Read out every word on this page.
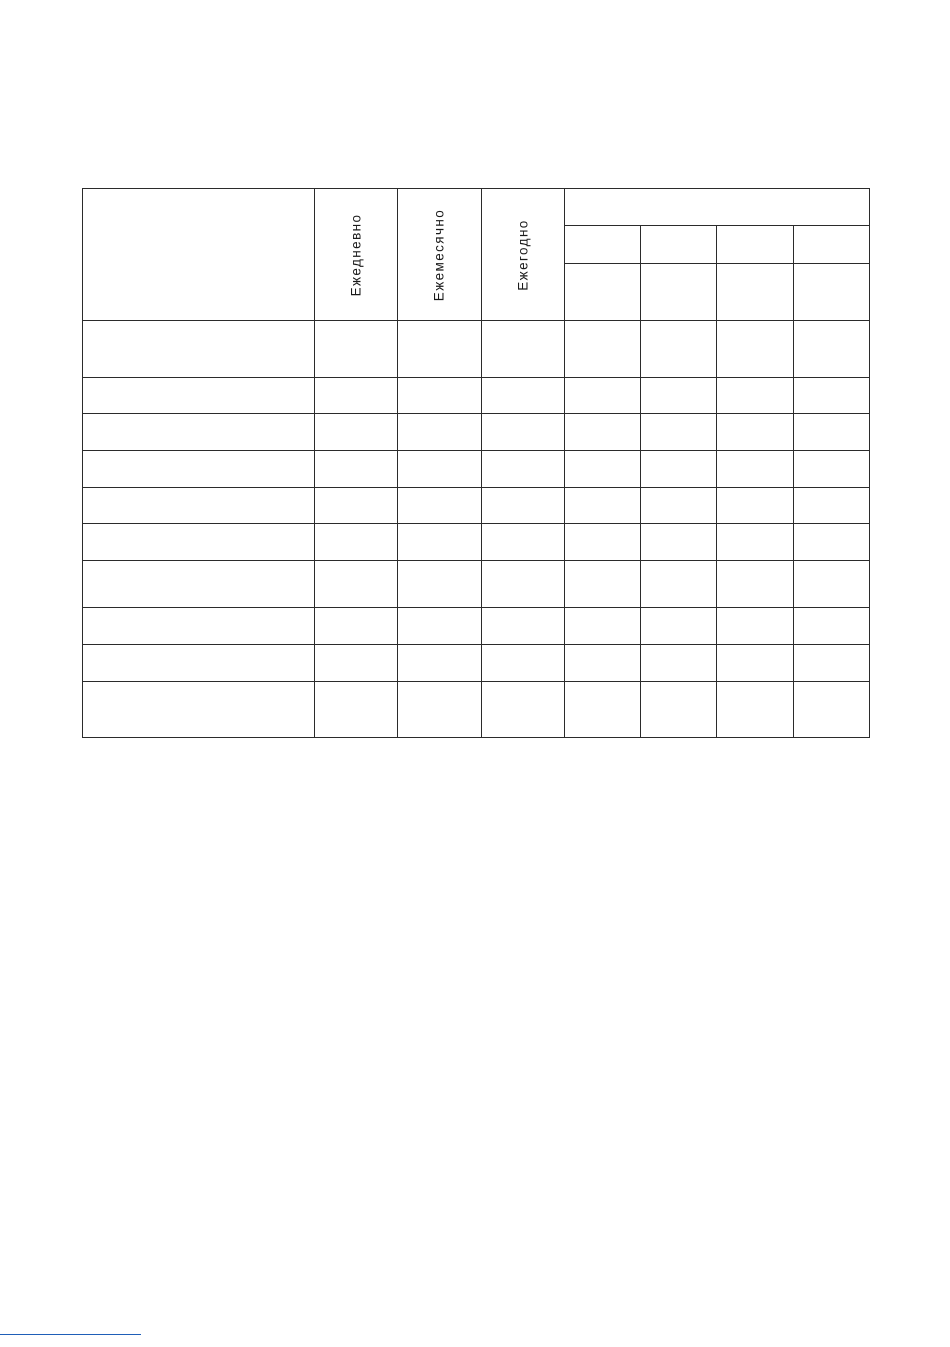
	Ежедневно	Ежемесячно	Ежегодно				
